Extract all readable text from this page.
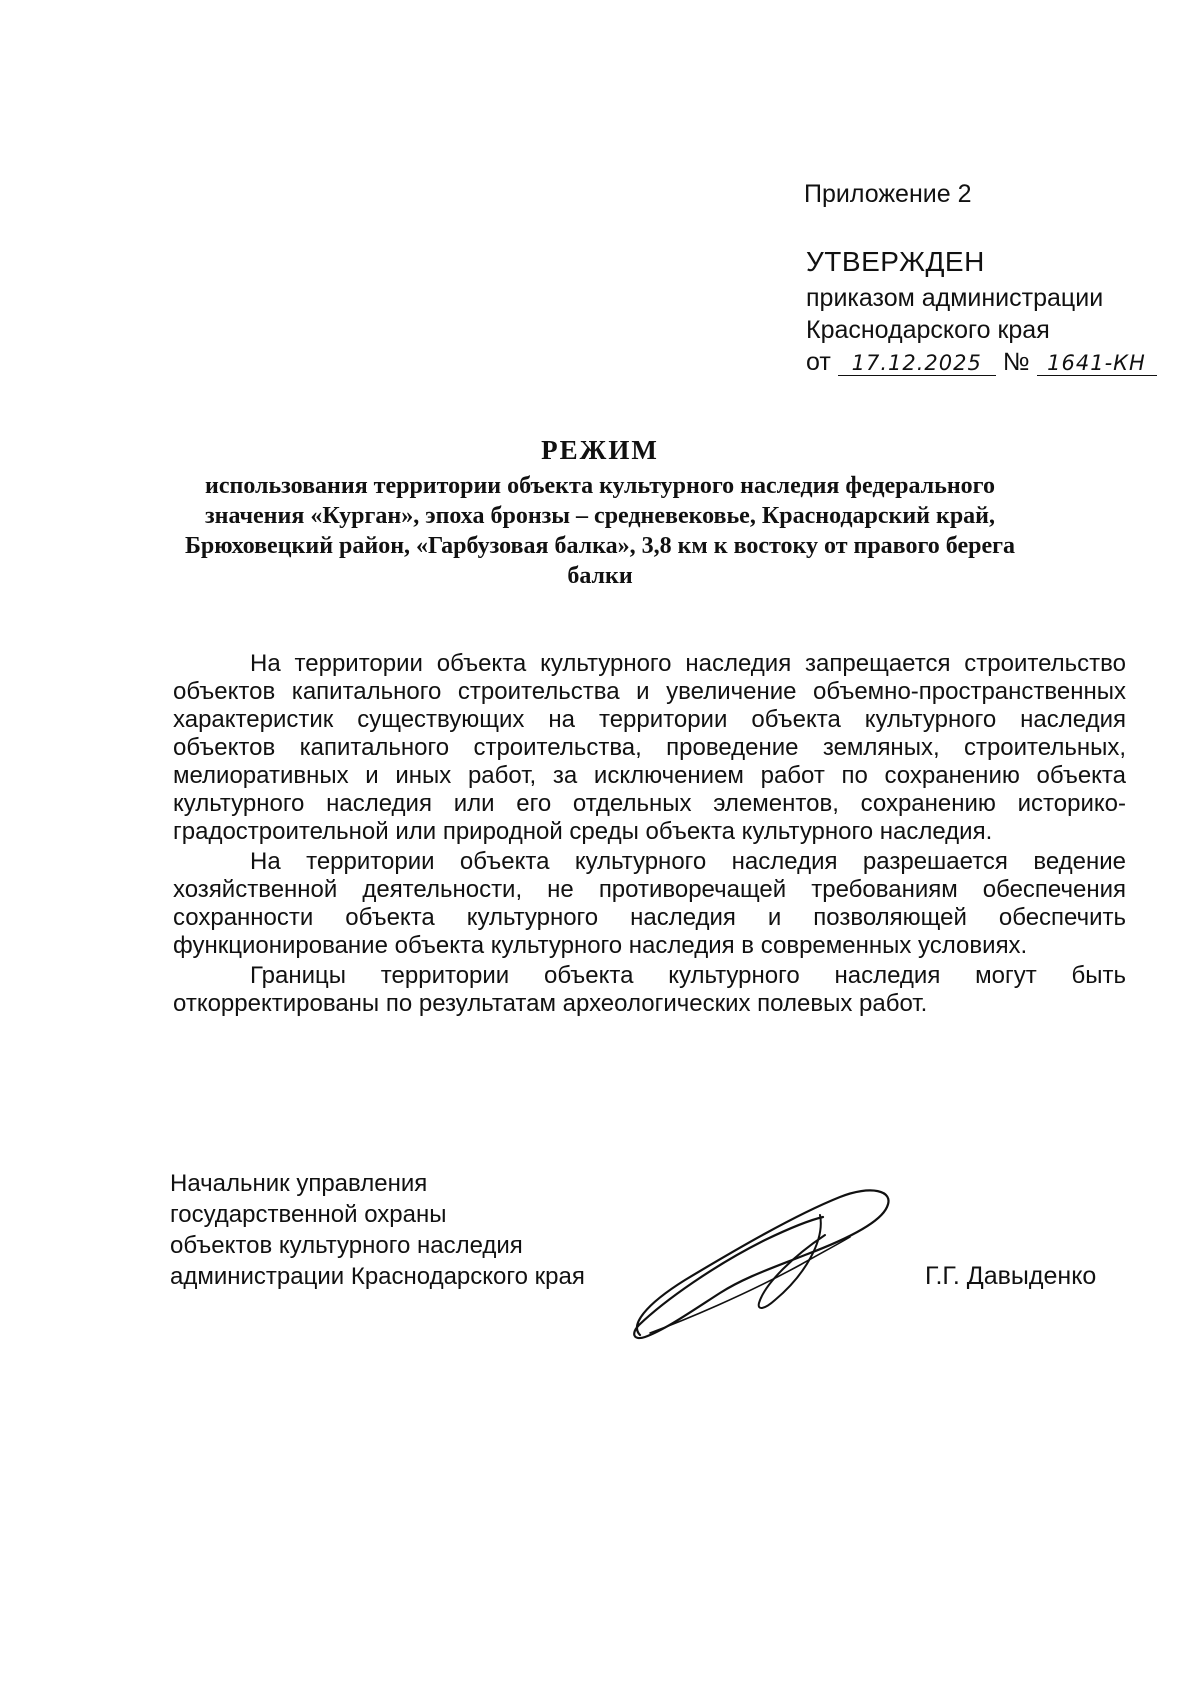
Приложение 2
УТВЕРЖДЕН
приказом администрации
Краснодарского края
от 17.12.2025 № 1641-КН
РЕЖИМ
использования территории объекта культурного наследия федерального значения «Курган», эпоха бронзы – средневековье, Краснодарский край, Брюховецкий район, «Гарбузовая балка», 3,8 км к востоку от правого берега балки

На территории объекта культурного наследия запрещается строительство объектов капитального строительства и увеличение объемно-пространственных характеристик существующих на территории объекта культурного наследия объектов капитального строительства, проведение земляных, строительных, мелиоративных и иных работ, за исключением работ по сохранению объекта культурного наследия или его отдельных элементов, сохранению историко-градостроительной или природной среды объекта культурного наследия.

На территории объекта культурного наследия разрешается ведение хозяйственной деятельности, не противоречащей требованиям обеспечения сохранности объекта культурного наследия и позволяющей обеспечить функционирование объекта культурного наследия в современных условиях.

Границы территории объекта культурного наследия могут быть откорректированы по результатам археологических полевых работ.

Начальник управления
государственной охраны
объектов культурного наследия
администрации Краснодарского края	Г.Г. Давыденко
